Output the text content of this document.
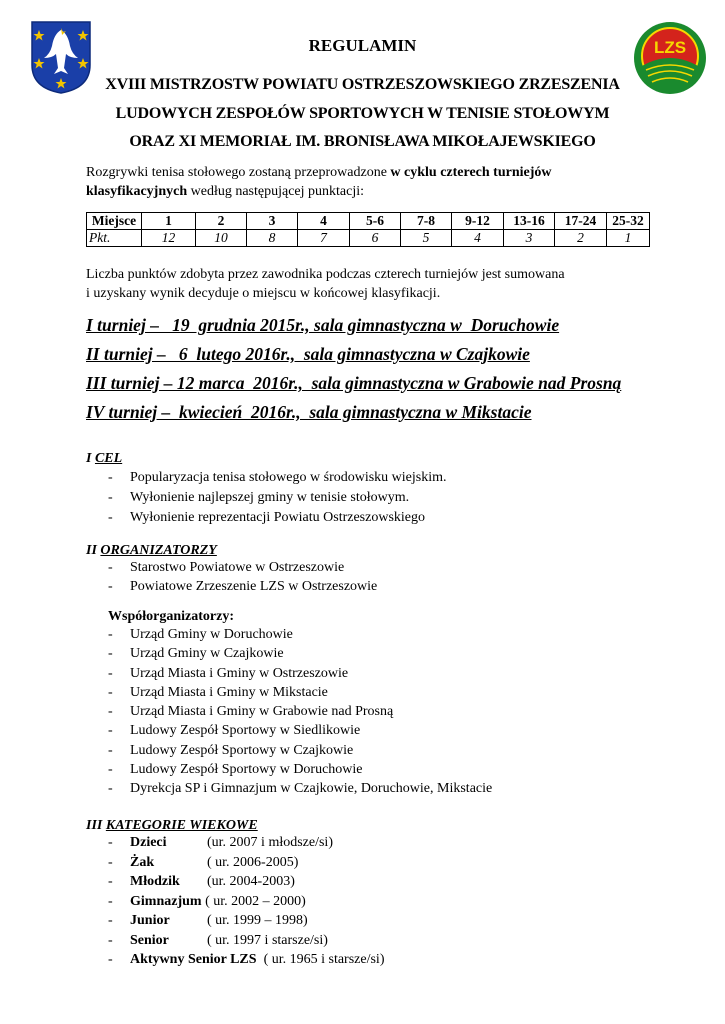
LZS
REGULAMIN
XVIII MISTRZOSTW POWIATU OSTRZESZOWSKIEGO ZRZESZENIA
LUDOWYCH ZESPOŁÓW SPORTOWYCH W TENISIE STOŁOWYM
ORAZ XI MEMORIAŁ IM. BRONISŁAWA MIKOŁAJEWSKIEGO
Rozgrywki tenisa stołowego zostaną przeprowadzone w cyklu czterech turniejów klasyfikacyjnych według następującej punktacji:
Miejsce	1	2	3	4	5-6	7-8	9-12	13-16	17-24	25-32
Pkt.	12	10	8	7	6	5	4	3	2	1
Liczba punktów zdobyta przez zawodnika podczas czterech turniejów jest sumowana
i uzyskany wynik decyduje o miejscu w końcowej klasyfikacji.
I turniej –   19  grudnia 2015r., sala gimnastyczna w  Doruchowie
II turniej –   6  lutego 2016r.,  sala gimnastyczna w Czajkowie
III turniej – 12 marca  2016r.,  sala gimnastyczna w Grabowie nad Prosną
IV turniej –  kwiecień  2016r.,  sala gimnastyczna w Mikstacie
I CEL
- Popularyzacja tenisa stołowego w środowisku wiejskim.
- Wyłonienie najlepszej gminy w tenisie stołowym.
- Wyłonienie reprezentacji Powiatu Ostrzeszowskiego
II ORGANIZATORZY
- Starostwo Powiatowe w Ostrzeszowie
- Powiatowe Zrzeszenie LZS w Ostrzeszowie
Współorganizatorzy:
- Urząd Gminy w Doruchowie
- Urząd Gminy w Czajkowie
- Urząd Miasta i Gminy w Ostrzeszowie
- Urząd Miasta i Gminy w Mikstacie
- Urząd Miasta i Gminy w Grabowie nad Prosną
- Ludowy Zespół Sportowy w Siedlikowie
- Ludowy Zespół Sportowy w Czajkowie
- Ludowy Zespół Sportowy w Doruchowie
- Dyrekcja SP i Gimnazjum w Czajkowie, Doruchowie, Mikstacie
III KATEGORIE WIEKOWE
- Dzieci	(ur. 2007 i młodsze/si)
- Żak	( ur. 2006-2005)
- Młodzik (ur. 2004-2003)
- Gimnazjum ( ur. 2002 – 2000)
- Junior	( ur. 1999 – 1998)
- Senior	( ur. 1997 i starsze/si)
- Aktywny Senior LZS ( ur. 1965 i starsze/si)
